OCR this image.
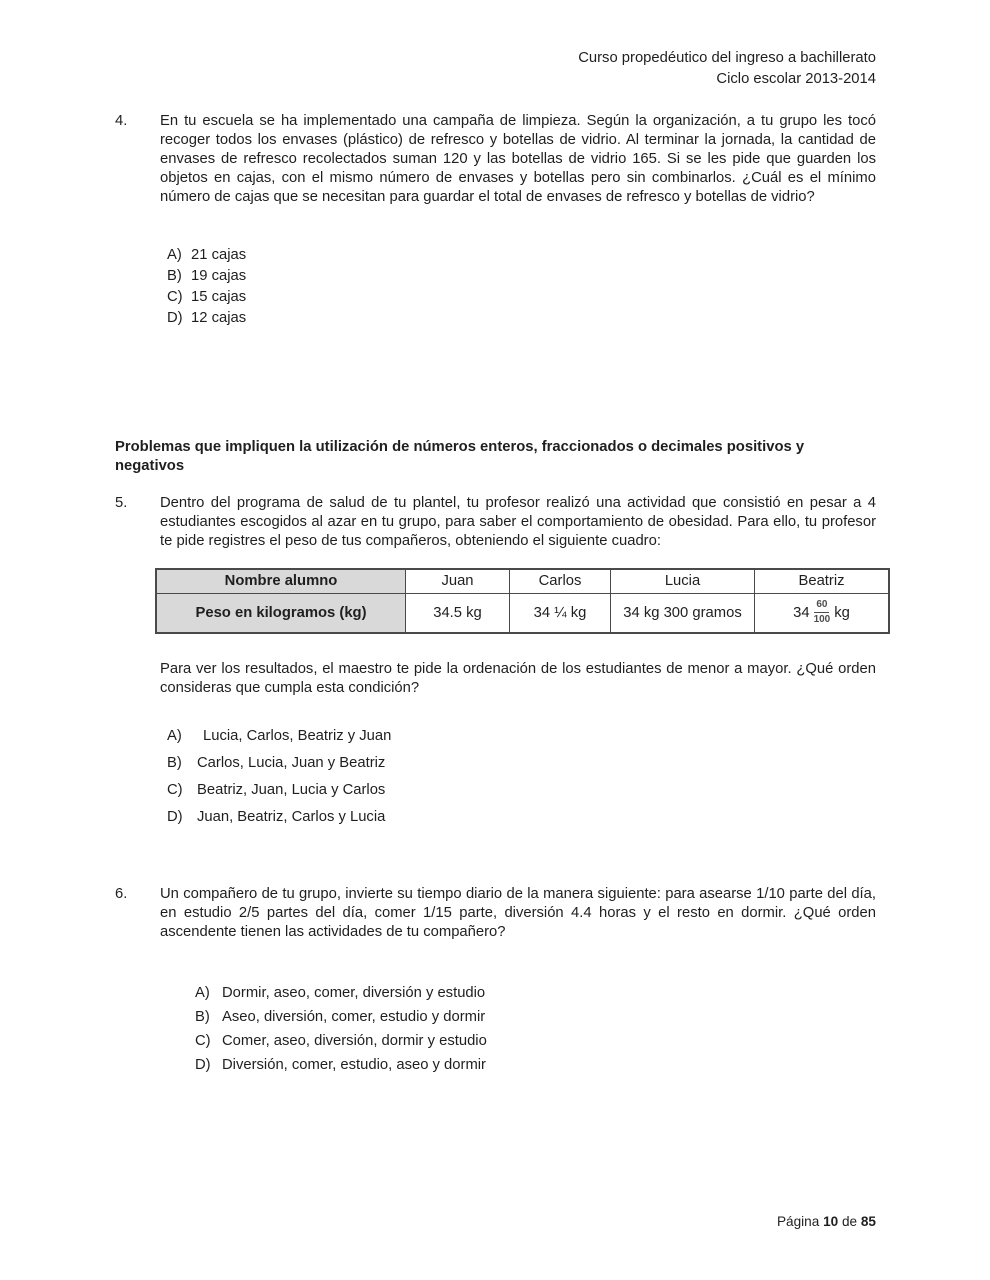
Curso propedéutico del ingreso a bachillerato
Ciclo escolar 2013-2014
4.	En tu escuela se ha implementado una campaña de limpieza. Según la organización, a tu grupo les tocó recoger todos los envases (plástico) de refresco y botellas de vidrio. Al terminar la jornada, la cantidad de envases de refresco recolectados suman 120 y las botellas de vidrio 165. Si se les pide que guarden los objetos en cajas, con el mismo número de envases y botellas pero sin combinarlos. ¿Cuál es el mínimo número de cajas que se necesitan para guardar el total de envases de refresco y botellas de vidrio?
A) 21 cajas
B) 19 cajas
C) 15 cajas
D) 12 cajas
Problemas que impliquen la utilización de números enteros, fraccionados o decimales positivos y negativos
5.	Dentro del programa de salud de tu plantel, tu profesor realizó una actividad que consistió en pesar a 4 estudiantes escogidos al azar en tu grupo, para saber el comportamiento de obesidad. Para ello, tu profesor te pide registres el peso de tus compañeros, obteniendo el siguiente cuadro:
Nombre alumno	Juan	Carlos	Lucia	Beatriz
Peso en kilogramos (kg)	34.5 kg	34 ¼ kg	34 kg 300 gramos	$34 \frac{60}{100}$ kg
Para ver los resultados, el maestro te pide la ordenación de los estudiantes de menor a mayor. ¿Qué orden consideras que cumpla esta condición?
A)	Lucia, Carlos, Beatriz y Juan
B)	Carlos, Lucia, Juan y Beatriz
C) Beatriz, Juan, Lucia y Carlos
D) Juan, Beatriz, Carlos y Lucia
6.	Un compañero de tu grupo, invierte su tiempo diario de la manera siguiente: para asearse 1/10 parte del día, en estudio 2/5 partes del día, comer 1/15 parte, diversión 4.4 horas y el resto en dormir. ¿Qué orden ascendente tienen las actividades de tu compañero?
A) Dormir, aseo, comer, diversión y estudio
B) Aseo, diversión, comer, estudio y dormir
C) Comer, aseo, diversión, dormir y estudio
D) Diversión, comer, estudio, aseo y dormir
Página 10 de 85
